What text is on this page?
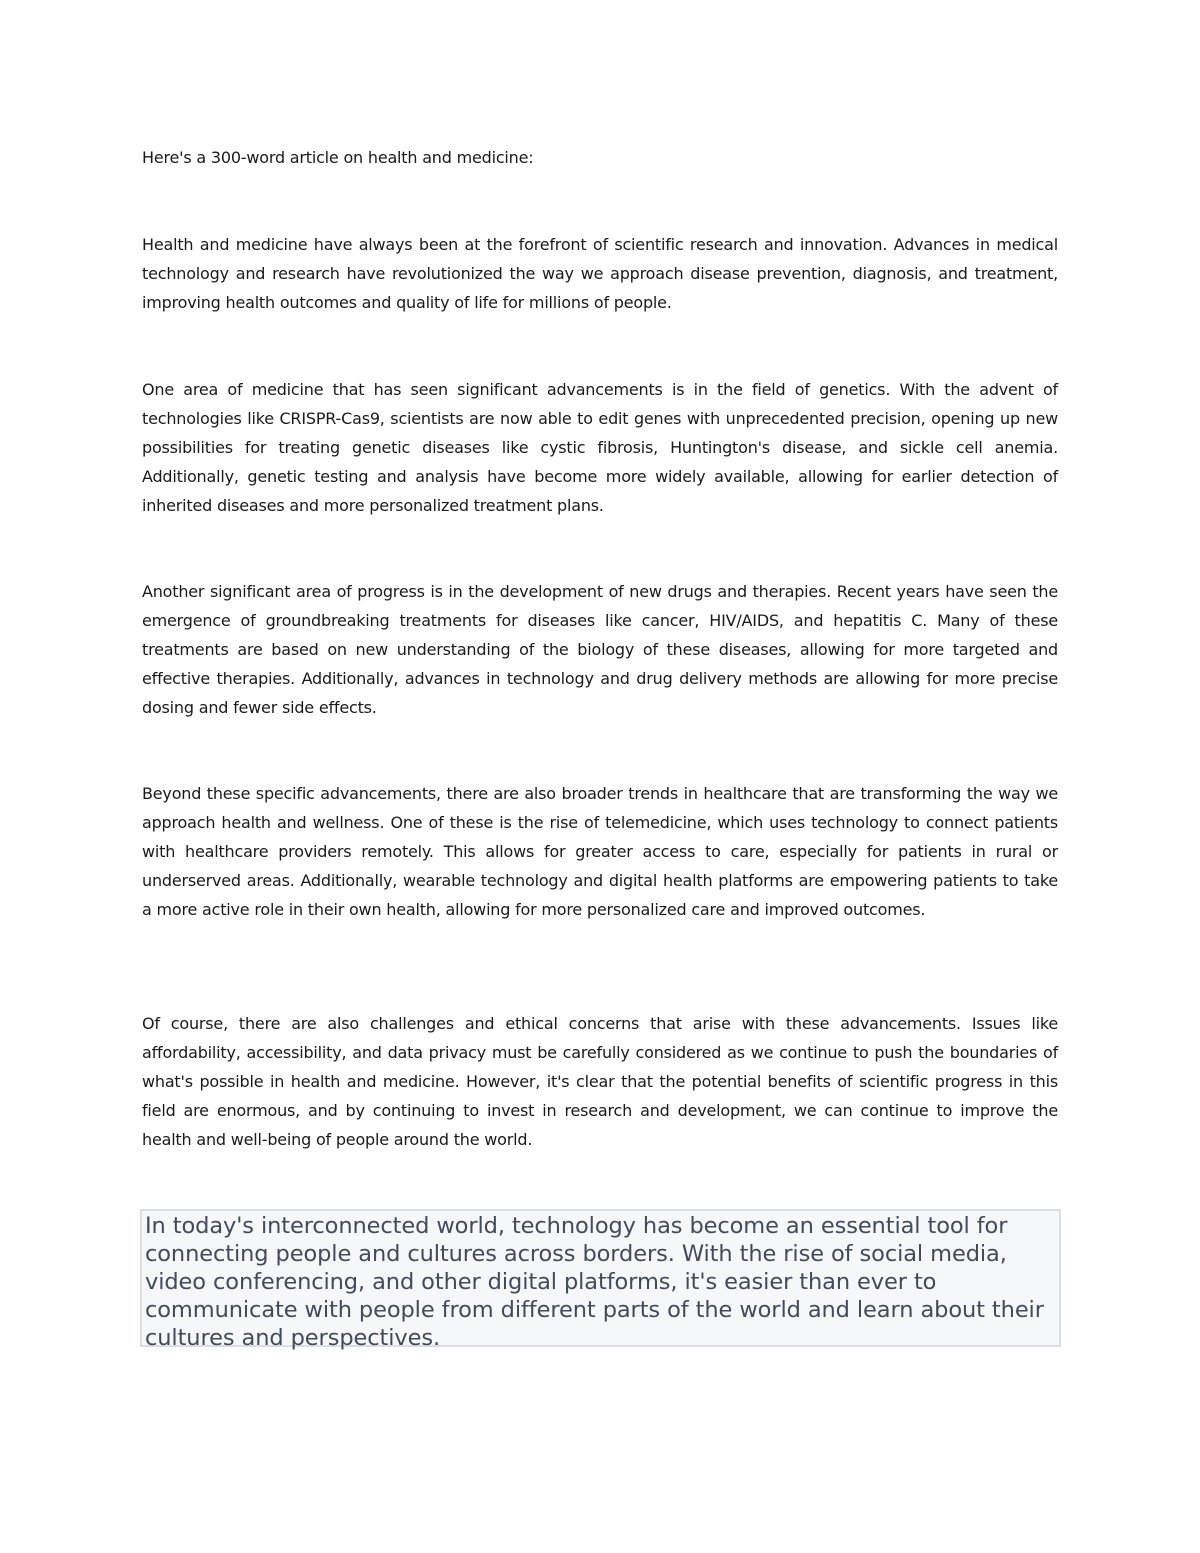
Here's a 300-word article on health and medicine:

Health and medicine have always been at the forefront of scientific research and innovation. Advances in medical technology and research have revolutionized the way we approach disease prevention, diagnosis, and treatment, improving health outcomes and quality of life for millions of people.

One area of medicine that has seen significant advancements is in the field of genetics. With the advent of technologies like CRISPR-Cas9, scientists are now able to edit genes with unprecedented precision, opening up new possibilities for treating genetic diseases like cystic fibrosis, Huntington's disease, and sickle cell anemia. Additionally, genetic testing and analysis have become more widely available, allowing for earlier detection of inherited diseases and more personalized treatment plans.

Another significant area of progress is in the development of new drugs and therapies. Recent years have seen the emergence of groundbreaking treatments for diseases like cancer, HIV/AIDS, and hepatitis C. Many of these treatments are based on new understanding of the biology of these diseases, allowing for more targeted and effective therapies. Additionally, advances in technology and drug delivery methods are allowing for more precise dosing and fewer side effects.

Beyond these specific advancements, there are also broader trends in healthcare that are transforming the way we approach health and wellness. One of these is the rise of telemedicine, which uses technology to connect patients with healthcare providers remotely. This allows for greater access to care, especially for patients in rural or underserved areas. Additionally, wearable technology and digital health platforms are empowering patients to take a more active role in their own health, allowing for more personalized care and improved outcomes.

Of course, there are also challenges and ethical concerns that arise with these advancements. Issues like affordability, accessibility, and data privacy must be carefully considered as we continue to push the boundaries of what's possible in health and medicine. However, it's clear that the potential benefits of scientific progress in this field are enormous, and by continuing to invest in research and development, we can continue to improve the health and well-being of people around the world.

In today's interconnected world, technology has become an essential tool for connecting people and cultures across borders. With the rise of social media, video conferencing, and other digital platforms, it's easier than ever to communicate with people from different parts of the world and learn about their cultures and perspectives.
